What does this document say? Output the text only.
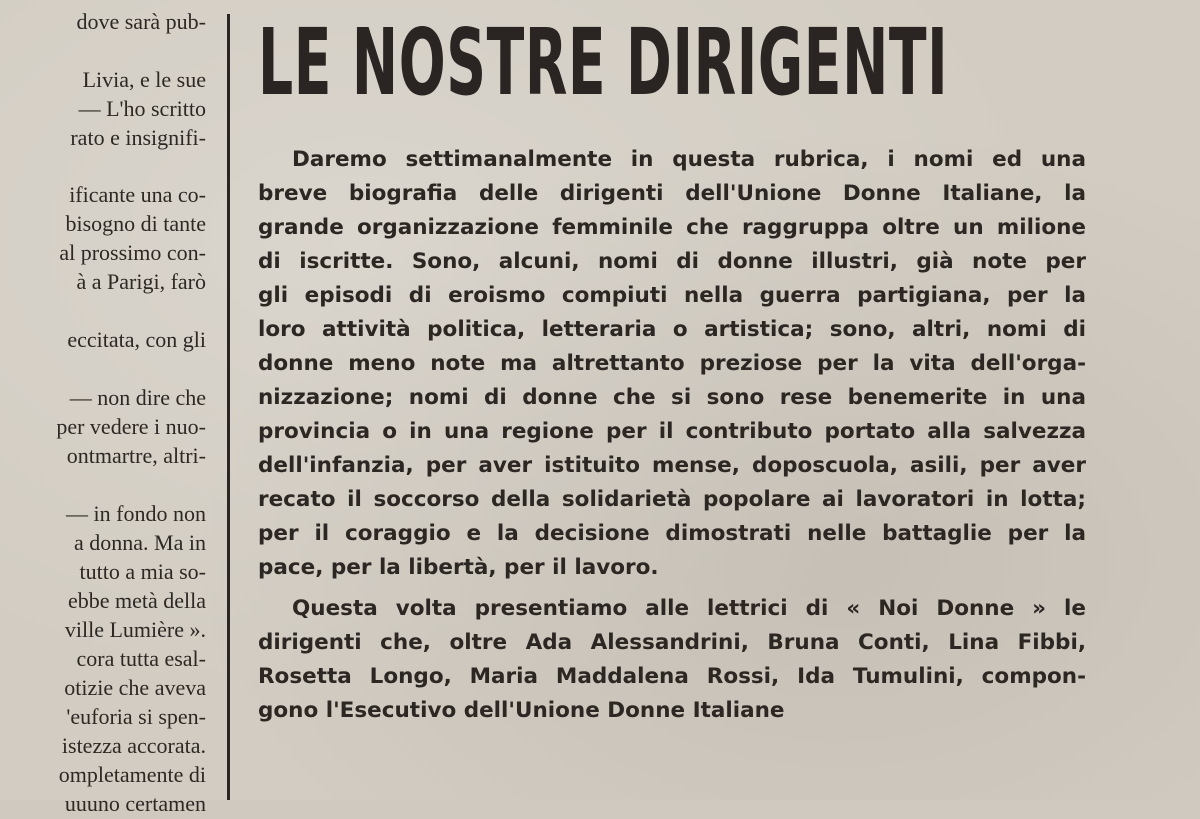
dove sarà pub-
Livia, e le sue
— L'ho scritto
rato e insignifi-
ificante una co-
bisogno di tante
al prossimo con-
à a Parigi, farò
eccitata, con gli
— non dire che
per vedere i nuo-
ontmartre, altri-
— in fondo non
a donna. Ma in
tutto a mia so-
ebbe metà della
ville Lumière ».
cora tutta esal-
otizie che aveva
'euforia si spen-
istezza accorata.
ompletamente di
uuuno certamen
LE NOSTRE DIRIGENTI
Daremo settimanalmente in questa rubrica, i nomi ed una
breve biografia delle dirigenti dell'Unione Donne Italiane, la
grande organizzazione femminile che raggruppa oltre un milione
di iscritte. Sono, alcuni, nomi di donne illustri, già note per
gli episodi di eroismo compiuti nella guerra partigiana, per la
loro attività politica, letteraria o artistica; sono, altri, nomi di
donne meno note ma altrettanto preziose per la vita dell'orga-
nizzazione; nomi di donne che si sono rese benemerite in una
provincia o in una regione per il contributo portato alla salvezza
dell'infanzia, per aver istituito mense, doposcuola, asili, per aver
recato il soccorso della solidarietà popolare ai lavoratori in lotta;
per il coraggio e la decisione dimostrati nelle battaglie per la
pace, per la libertà, per il lavoro.
Questa volta presentiamo alle lettrici di « Noi Donne » le
dirigenti che, oltre Ada Alessandrini, Bruna Conti, Lina Fibbi,
Rosetta Longo, Maria Maddalena Rossi, Ida Tumulini, compon-
gono l'Esecutivo dell'Unione Donne Italiane
